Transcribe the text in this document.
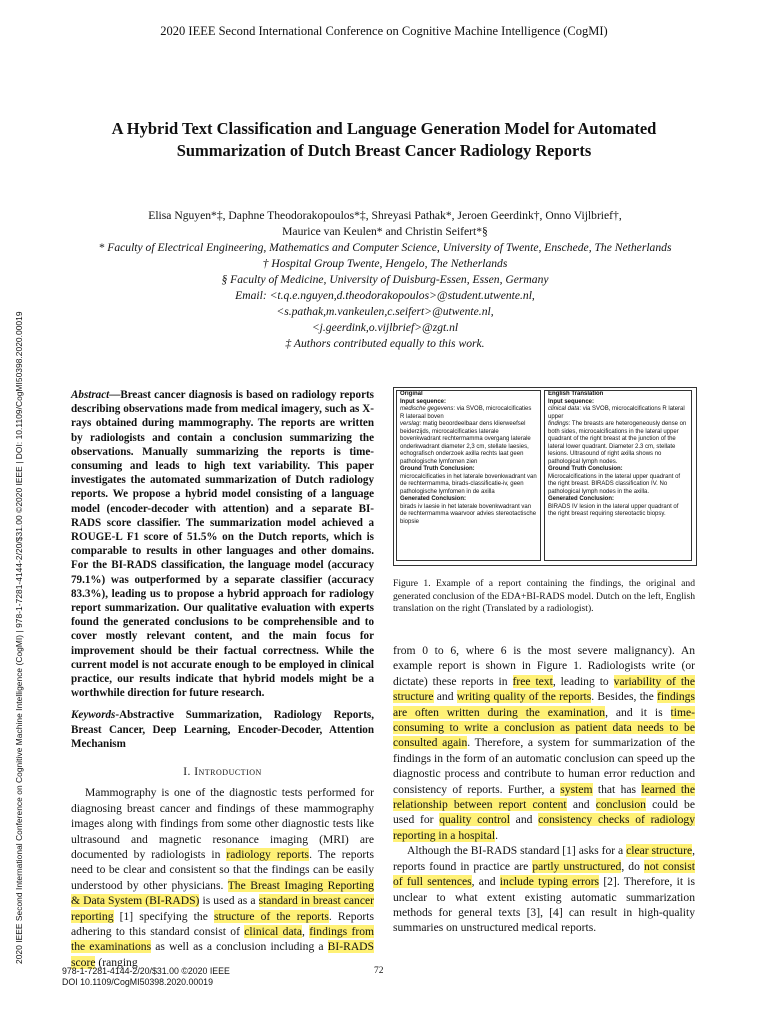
2020 IEEE Second International Conference on Cognitive Machine Intelligence (CogMI)
A Hybrid Text Classification and Language Generation Model for Automated
Summarization of Dutch Breast Cancer Radiology Reports
Elisa Nguyen*‡, Daphne Theodorakopoulos*‡, Shreyasi Pathak*, Jeroen Geerdink†, Onno Vijlbrief†,
Maurice van Keulen* and Christin Seifert*§
* Faculty of Electrical Engineering, Mathematics and Computer Science, University of Twente, Enschede, The Netherlands
† Hospital Group Twente, Hengelo, The Netherlands
§ Faculty of Medicine, University of Duisburg-Essen, Essen, Germany
Email: <t.q.e.nguyen,d.theodorakopoulos>@student.utwente.nl,
<s.pathak,m.vankeulen,c.seifert>@utwente.nl,
<j.geerdink,o.vijlbrief>@zgt.nl
‡ Authors contributed equally to this work.
2020 IEEE Second International Conference on Cognitive Machine Intelligence (CogMI) | 978-1-7281-4144-2/20/$31.00 ©2020 IEEE | DOI: 10.1109/CogMI50398.2020.00019	Abstract—Breast cancer diagnosis is based on radiology reports describing observations made from medical imagery, such as X-rays obtained during mammography. The reports are written by radiologists and contain a conclusion summarizing the observations. Manually summarizing the reports is time-consuming and leads to high text variability. This paper investigates the automated summarization of Dutch radiology reports. We propose a hybrid model consisting of a language model (encoder-decoder with attention) and a separate BI-RADS score classifier. The summarization model achieved a ROUGE-L F1 score of 51.5% on the Dutch reports, which is comparable to results in other languages and other domains. For the BI-RADS classification, the language model (accuracy 79.1%) was outperformed by a separate classifier (accuracy 83.3%), leading us to propose a hybrid approach for radiology report summarization. Our qualitative evaluation with experts found the generated conclusions to be comprehensible and to cover mostly relevant content, and the main focus for improvement should be their factual correctness. While the current model is not accurate enough to be employed in clinical practice, our results indicate that hybrid models might be a worthwhile direction for future research.
Keywords-Abstractive Summarization, Radiology Reports, Breast Cancer, Deep Learning, Encoder-Decoder, Attention Mechanism
I. Introduction
Mammography is one of the diagnostic tests performed for diagnosing breast cancer and findings of these mammography images along with findings from some other diagnostic tests like ultrasound and magnetic resonance imaging (MRI) are documented by radiologists in radiology reports. The reports need to be clear and consistent so that the findings can be easily understood by other physicians. The Breast Imaging Reporting & Data System (BI-RADS) is used as a standard in breast cancer reporting [1] specifying the structure of the reports. Reports adhering to this standard consist of clinical data, findings from the examinations as well as a conclusion including a BI-RADS score (ranging
Original
Input sequence:
medische gegevens: via SVOB, microcalcificaties R lateraal boven
verslag: matig beoordeelbaar dens klierweefsel beiderzijds, microcalcificaties laterale bovenkwadrant rechtermamma overgang laterale onderkwadrant diameter 2,3 cm, stellate laesies, echografisch onderzoek axilla rechts laat geen pathologische lymfomen zien
Ground Truth Conclusion:
microcalcificaties in het laterale bovenkwadrant van de rechtermamma, birads-classificatie-iv, geen pathologische lymfomen in de axilla
Generated Conclusion:
birads iv laesie in het laterale bovenkwadrant van de rechtermamma waarvoor advies stereotactische biopsie
English Translation
Input sequence:
clinical data: via SVOB, microcalcifications R lateral upper
findings: The breasts are heterogeneously dense on both sides, microcalcifications in the lateral upper quadrant of the right breast at the junction of the lateral lower quadrant. Diameter 2.3 cm, stellate lesions. Ultrasound of right axilla shows no pathological lymph nodes.
Ground Truth Conclusion:
Microcalcifications in the lateral upper quadrant of the right breast. BIRADS classification IV. No pathological lymph nodes in the axilla.
Generated Conclusion:
BIRADS IV lesion in the lateral upper quadrant of the right breast requiring stereotactic biopsy.
Figure 1. Example of a report containing the findings, the original and generated conclusion of the EDA+BI-RADS model. Dutch on the left, English translation on the right (Translated by a radiologist).
from 0 to 6, where 6 is the most severe malignancy). An example report is shown in Figure 1. Radiologists write (or dictate) these reports in free text, leading to variability of the structure and writing quality of the reports. Besides, the findings are often written during the examination, and it is time-consuming to write a conclusion as patient data needs to be consulted again. Therefore, a system for summarization of the findings in the form of an automatic conclusion can speed up the diagnostic process and contribute to human error reduction and consistency of reports. Further, a system that has learned the relationship between report content and conclusion could be used for quality control and consistency checks of radiology reporting in a hospital.
Although the BI-RADS standard [1] asks for a clear structure, reports found in practice are partly unstructured, do not consist of full sentences, and include typing errors [2]. Therefore, it is unclear to what extent existing automatic summarization methods for general texts [3], [4] can result in high-quality summaries on unstructured medical reports.
978-1-7281-4144-2/20/$31.00 ©2020 IEEE
DOI 10.1109/CogMI50398.2020.00019
72
